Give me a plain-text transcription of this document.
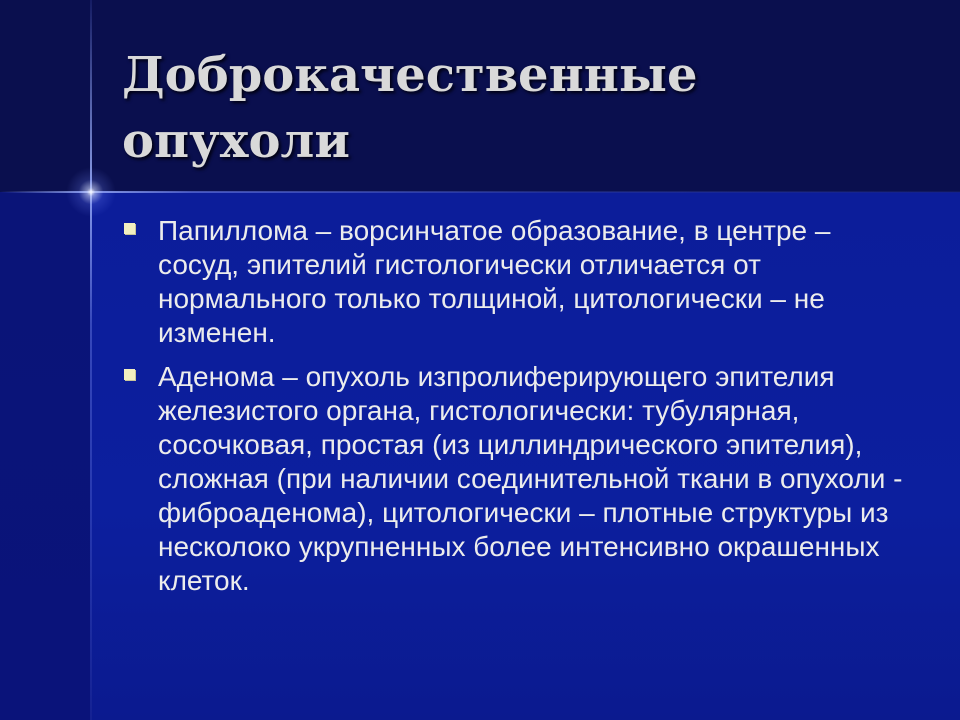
Доброкачественные опухоли
Папиллома – ворсинчатое образование, в центре – сосуд, эпителий гистологически отличается от нормального только толщиной, цитологически – не изменен.
Аденома – опухоль изпролиферирующего эпителия железистого органа, гистологически: тубулярная, сосочковая, простая (из циллиндрического эпителия), сложная (при наличии соединительной ткани в опухоли - фиброаденома), цитологически – плотные структуры из несколоко укрупненных более интенсивно окрашенных клеток.
